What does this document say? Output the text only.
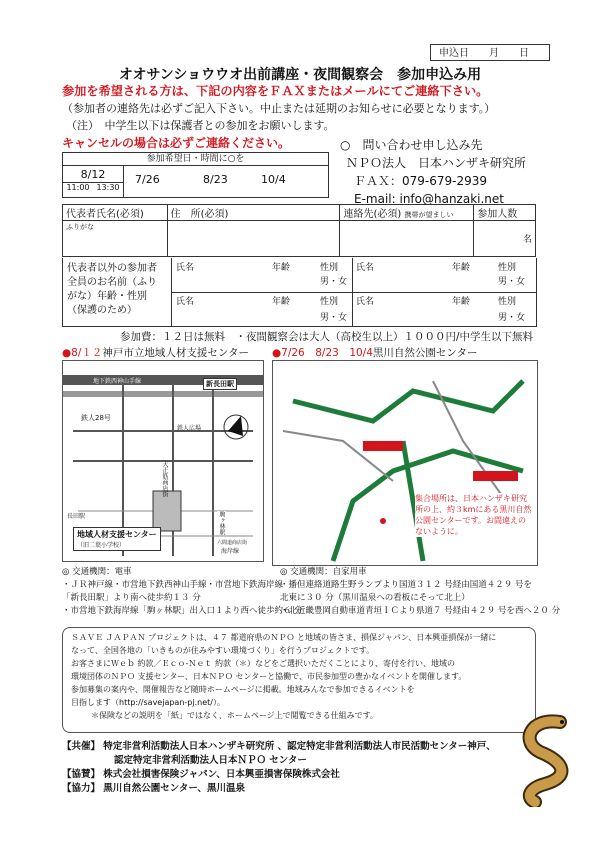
申込日　　月　　日
オオサンショウウオ出前講座・夜間観察会　参加申込み用
参加を希望される方は、下記の内容をＦＡＸまたはメールにてご連絡下さい。
（参加者の連絡先は必ずご記入下さい。中止または延期のお知らせに必要となります。）
（注）　中学生以下は保護者との参加をお願いします。
キャンセルの場合は必ずご連絡ください。
参加希望日・時間に○を
8/12
11:00 13:30
7/26	8/23	10/4
○　問い合わせ申し込み先
ＮＰＯ法人　日本ハンザキ研究所
ＦＡＸ：079-679-2939
E-mail: info@hanzaki.net
代表者氏名(必須)	住　所(必須)	連絡先(必須) 携帯が望ましい	参加人数
ふりがな			名
代表者以外の参加者全員のお名前（ふりがな）年齢・性別（保護のため）
氏名	年齢	性別
男・女
氏名	年齢	性別
男・女
氏名	年齢	性別
男・女
氏名	年齢	性別
男・女
参加費：１２日は無料　・夜間観察会は大人（高校生以上）１０００円/中学生以下無料
●8/１２神戸市立地域人材支援センター ●7/26　8/23　10/4黒川自然公園センター
新長田駅
鉄人28号
鉄人広場
大正筋商店街
駒ヶ林駅
海岸線
地下鉄西神山手線
長田駅
六間道商店街
地域人材支援センター
（旧二葉小学校）
集合場所は、日本ハンザキ研究所の上、約３kmにある黒川自然公園センターです。お間違えのないように。
◎ 交通機関：電車
・ＪＲ神戸線・市営地下鉄西神山手線・市営地下鉄海岸線
「新長田駅」より南へ徒歩約１３ 分
・市営地下鉄海岸線「駒ヶ林駅」出入口１より西へ徒歩約６ 分
◎ 交通機関：自家用車
・播但連絡道路生野ランプより国道３１２ 号経由国道４２９ 号を
北東に３０ 分（黒川温泉への看板にそって北上）
・北近畿豊岡自動車道青垣ＩＣより県道７ 号経由４２９ 号を西へ２０ 分
ＳＡＶＥ ＪＡＰＡＮ プロジェクトは、４７ 都道府県のＮＰＯ と地域の皆さま、損保ジャパン、日本興亜損保が一緒に
なって、全国各地の「いきものが住みやすい環境づくり」を行うプロジェクトです。
お客さまにＷｅｂ 約款／Ｅｃｏ-Ｎｅｔ 約款（＊）などをご選択いただくことにより、寄付を行い、地域の
環境団体のＮＰＯ 支援センター、日本ＮＰＯ センターと協働で、市民参加型の豊かなイベントを開催します。
参加募集の案内や、開催報告など随時ホームページに掲載。地域みんなで参加できるイベントを
目指します（http://savejapan-pj.net/）。
＊保険などの説明を「紙」ではなく、ホームページ上で閲覧できる仕組みです。
【共催】 特定非営利活動法人日本ハンザキ研究所 、認定特定非営利活動法人市民活動センター神戸、
認定特定非営利活動法人日本ＮＰＯ センター
【協賛】 株式会社損害保険ジャパン、日本興亜損害保険株式会社
【協力】 黒川自然公園センター、黒川温泉
